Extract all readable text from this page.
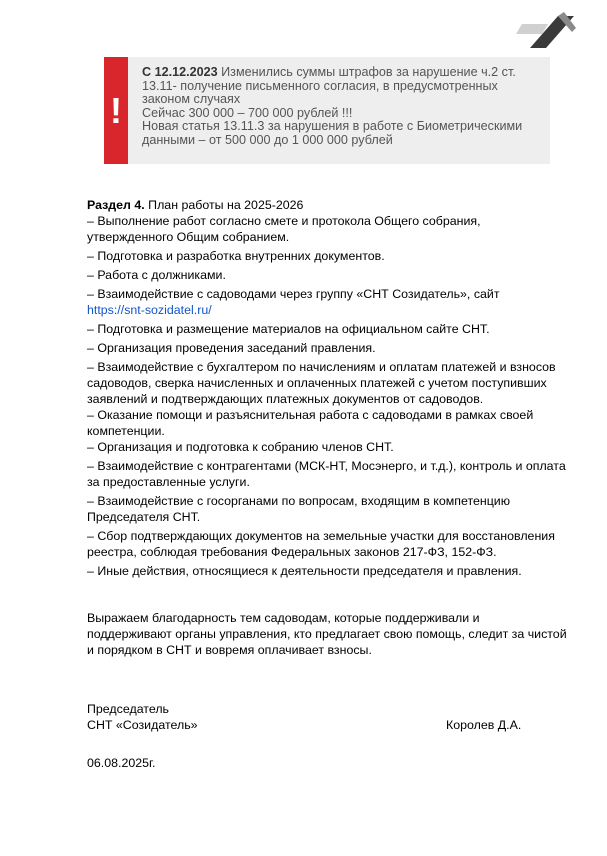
!
С 12.12.2023 Изменились суммы штрафов за нарушение ч.2 ст. 13.11- получение письменного согласия, в предусмотренных законом случаях
Сейчас 300 000 – 700 000 рублей !!!
Новая статья 13.11.3 за нарушения в работе с Биометрическими данными – от 500 000 до 1 000 000 рублей

Раздел 4. План работы на 2025-2026

– Выполнение работ согласно смете и протокола Общего собрания, утвержденного Общим собранием.

– Подготовка и разработка внутренних документов.

– Работа с должниками.

– Взаимодействие с садоводами через группу «СНТ Созидатель», сайт
https://snt-sozidatel.ru/

– Подготовка и размещение материалов на официальном сайте СНТ.

– Организация проведения заседаний правления.

– Взаимодействие с бухгалтером по начислениям и оплатам платежей и взносов садоводов, сверка начисленных и оплаченных платежей с учетом поступивших заявлений и подтверждающих платежных документов от садоводов.

– Оказание помощи и разъяснительная работа с садоводами в рамках своей компетенции.

– Организация и подготовка к собранию членов СНТ.

– Взаимодействие с контрагентами (МСК-НТ, Мосэнерго, и т.д.), контроль и оплата за предоставленные услуги.

– Взаимодействие с госорганами по вопросам, входящим в компетенцию Председателя СНТ.

– Сбор подтверждающих документов на земельные участки для восстановления реестра, соблюдая требования Федеральных законов 217-ФЗ, 152-ФЗ.

– Иные действия, относящиеся к деятельности председателя и правления.

Выражаем благодарность тем садоводам, которые поддерживали и поддерживают органы управления, кто предлагает свою помощь, следит за чистой и порядком в СНТ и вовремя оплачивает взносы.

Председатель

СНТ «Созидатель»	Королев Д.А.

06.08.2025г.
